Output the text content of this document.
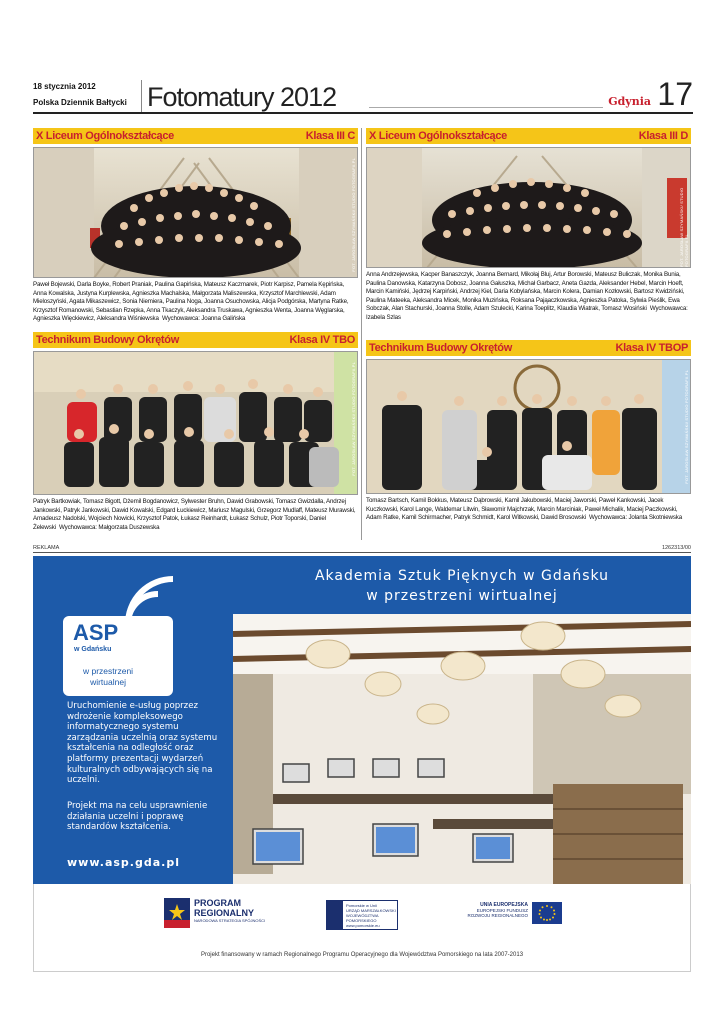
18 stycznia 2012
Polska Dziennik Bałtycki Fotomatury 2012	Gdynia 17
X Liceum Ogólnokształcące	Klasa III C
FOT. JAROSŁAW SZYMAŃSKI/ STUDIO FOTOGRAFII.PL
Paweł Bojewski, Darla Boyke, Robert Praniak, Paulina Gapińska, Mateusz Kaczmarek, Piotr Karpisz, Pamela Kępińska, Anna Kowalska, Justyna Kurplewska, Agnieszka Machalska, Małgorzata Maliszewska, Krzysztof Marchlewski, Adam Mieloszyński, Agata Mikaszewicz, Sonia Niemiera, Paulina Noga, Joanna Osuchowska, Alicja Podgórska, Martyna Ratke, Krzysztof Romanowski, Sebastian Rzepka, Anna Tkaczyk, Aleksandra Truskawa, Agnieszka Wenta, Joanna Węglarska, Agnieszka Więckiewicz, Aleksandra Wiśniewska Wychowawca: Joanna Galińska
X Liceum Ogólnokształcące	Klasa III D
FOT. JAROSŁAW SZYMAŃSKI/ STUDIO FOTOGRAFII.PL
Anna Andrzejewska, Kacper Banaszczyk, Joanna Bernard, Mikołaj Bluj, Artur Borowski, Mateusz Buliczak, Monika Bunia, Paulina Danowska, Katarzyna Dobosz, Joanna Gałuszka, Michał Garbacz, Aneta Gazda, Aleksander Hebel, Marcin Hoeft, Marcin Kamiński, Jędrzej Karpiński, Andrzej Kiel, Daria Kobylańska, Marcin Kolera, Damian Kozłowski, Bartosz Kwidziński, Paulina Mateeka, Aleksandra Micek, Monika Muzińska, Roksana Pająaczkowska, Agnieszka Patoka, Sylwia Pieślik, Ewa Sobczak, Alan Stachurski, Joanna Stolle, Adam Szulecki, Karina Toeplitz, Klaudia Wiatrak, Tomasz Wosiński Wychowawca: Izabela Szlas
Technikum Budowy Okrętów	Klasa IV TBO
FOT. JAROSŁAW SZYMAŃSKI/ STUDIO FOTOGRAFII.PL
Patryk Bartkowiak, Tomasz Bigott, Dżemil Bogdanowicz, Sylwester Bruhn, Dawid Grabowski, Tomasz Gwizdalla, Andrzej Jankowski, Patryk Jankowski, Dawid Kowalski, Edgard Łuckiewicz, Mariusz Magulski, Grzegorz Mudlaff, Mateusz Murawski, Amadeusz Nadolski, Wojciech Nowicki, Krzysztof Patok, Łukasz Reinhardt, Łukasz Schulz, Piotr Toporski, Daniel Żelewski Wychowawca: Małgorzata Duszewska
Technikum Budowy Okrętów	Klasa IV TBOP
FOT. JAROSŁAW SZYMAŃSKI/ STUDIO FOTOGRAFII.PL
Tomasz Bartsch, Kamil Bokkus, Mateusz Dąbrowski, Kamil Jakubowski, Maciej Jaworski, Paweł Kankowski, Jacek Kuczkowski, Karol Lange, Waldemar Litwin, Sławomir Majchrzak, Marcin Marciniak, Paweł Michalik, Maciej Paczkowski, Adam Ratke, Kamil Schirmacher, Patryk Schmidt, Karol Witkowski, Dawid Brosowski Wychowawca: Jolanta Skotniewska
REKLAMA	1262313/00
Akademia Sztuk Pięknych w Gdańsku
w przestrzeni wirtualnej
ASP
w Gdańsku
w przestrzeni
wirtualnej
Uruchomienie e-usług poprzez wdrożenie kompleksowego informatycznego systemu zarządzania uczelnią oraz systemu kształcenia na odległość oraz platformy prezentacji wydarzeń kulturalnych odbywających się na uczelni.
Projekt ma na celu usprawnienie działania uczelni i poprawę standardów kształcenia.
www.asp.gda.pl
PROGRAM
REGIONALNY
NARODOWA STRATEGIA SPÓJNOŚCI
Pomorskie w Unii
URZĄD MARSZAŁKOWSKI WOJEWÓDZTWA POMORSKIEGO
www.pomorskie.eu
UNIA EUROPEJSKA
EUROPEJSKI FUNDUSZ
ROZWOJU REGIONALNEGO
Projekt finansowany w ramach Regionalnego Programu Operacyjnego dla Województwa Pomorskiego na lata 2007-2013
